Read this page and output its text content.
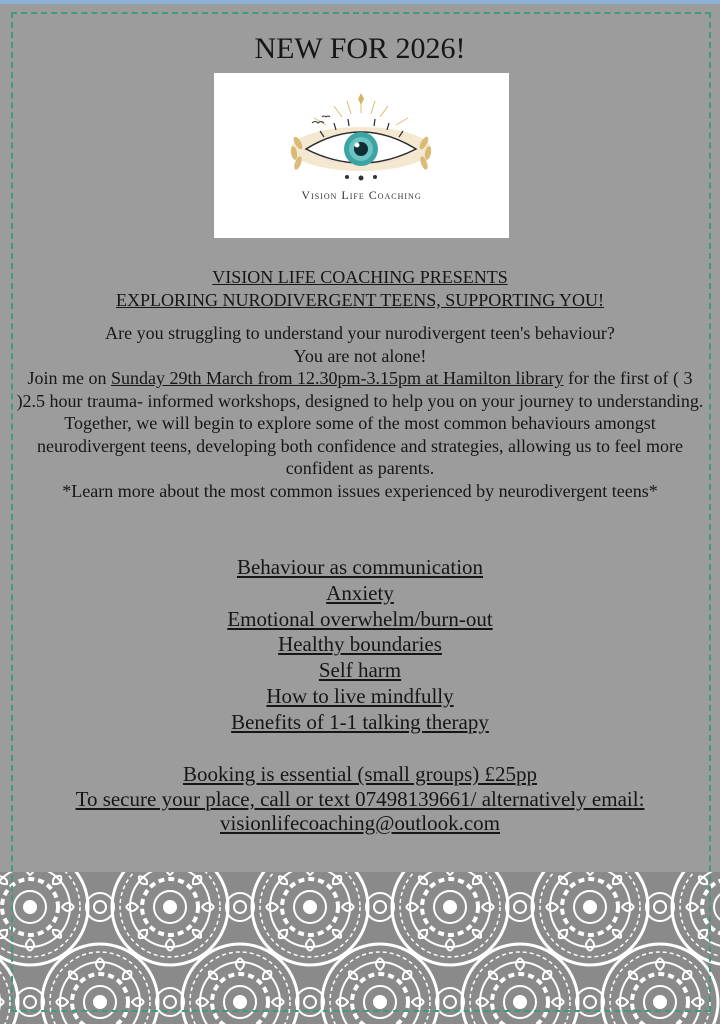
NEW FOR 2026!
Vision Life Coaching
VISION LIFE COACHING PRESENTS
EXPLORING NURODIVERGENT TEENS, SUPPORTING YOU!

Are you struggling to understand your nurodivergent teen's behaviour?

You are not alone!

Join me on Sunday 29th March from 12.30pm-3.15pm at Hamilton library for the first of ( 3 )2.5 hour trauma- informed workshops, designed to help you on your journey to understanding.

Together, we will begin to explore some of the most common behaviours amongst neurodivergent teens, developing both confidence and strategies, allowing us to feel more confident as parents.

*Learn more about the most common issues experienced by neurodivergent teens*

Behaviour as communication
Anxiety
Emotional overwhelm/burn-out
Healthy boundaries
Self harm
How to live mindfully
Benefits of 1-1 talking therapy
Booking is essential (small groups) £25pp
To secure your place, call or text 07498139661/ alternatively email:
visionlifecoaching@outlook.com
